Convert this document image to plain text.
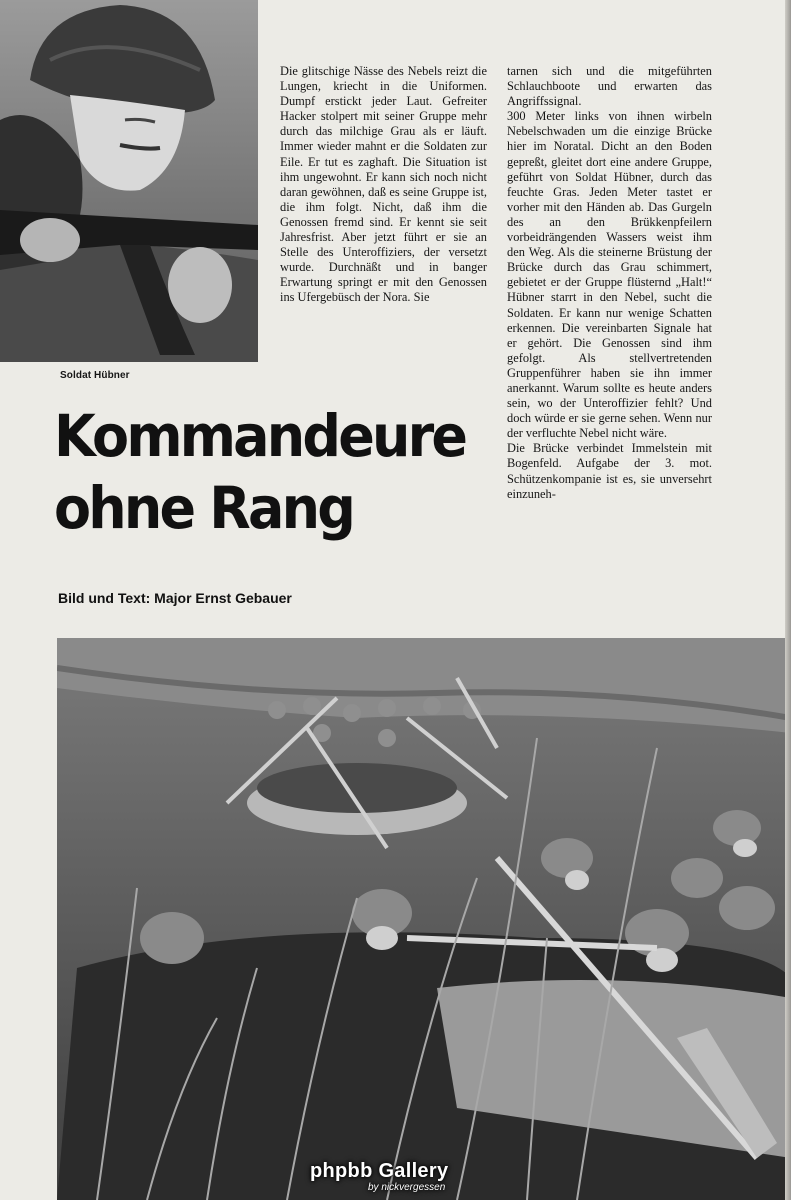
Soldat Hübner

Die glitschige Nässe des Nebels reizt die Lungen, kriecht in die Uniformen. Dumpf erstickt jeder Laut. Gefreiter Hacker stolpert mit seiner Gruppe mehr durch das milchige Grau als er läuft. Immer wieder mahnt er die Soldaten zur Eile. Er tut es zaghaft. Die Situation ist ihm ungewohnt. Er kann sich noch nicht daran gewöhnen, daß es seine Gruppe ist, die ihm folgt. Nicht, daß ihm die Genossen fremd sind. Er kennt sie seit Jahresfrist. Aber jetzt führt er sie an Stelle des Unteroffiziers, der versetzt wurde. Durchnäßt und in banger Erwartung springt er mit den Genossen ins Ufergebüsch der Nora. Sie

tarnen sich und die mitgeführten Schlauchboote und erwarten das Angriffssignal.

300 Meter links von ihnen wirbeln Nebelschwaden um die einzige Brücke hier im Noratal. Dicht an den Boden gepreßt, gleitet dort eine andere Gruppe, geführt von Soldat Hübner, durch das feuchte Gras. Jeden Meter tastet er vorher mit den Händen ab. Das Gurgeln des an den Brükkenpfeilern vorbeidrängenden Wassers weist ihm den Weg. Als die steinerne Brüstung der Brücke durch das Grau schimmert, gebietet er der Gruppe flüsternd „Halt!“ Hübner starrt in den Nebel, sucht die Soldaten. Er kann nur wenige Schatten erkennen. Die vereinbarten Signale hat er gehört. Die Genossen sind ihm gefolgt. Als stellvertretenden Gruppenführer haben sie ihn immer anerkannt. Warum sollte es heute anders sein, wo der Unteroffizier fehlt? Und doch würde er sie gerne sehen. Wenn nur der verfluchte Nebel nicht wäre.

Die Brücke verbindet Immelstein mit Bogenfeld. Aufgabe der 3. mot. Schützenkompanie ist es, sie unversehrt einzuneh-

Kommandeure
ohne Rang
Bild und Text: Major Ernst Gebauer
phpbb Gallery
by nickvergessen
